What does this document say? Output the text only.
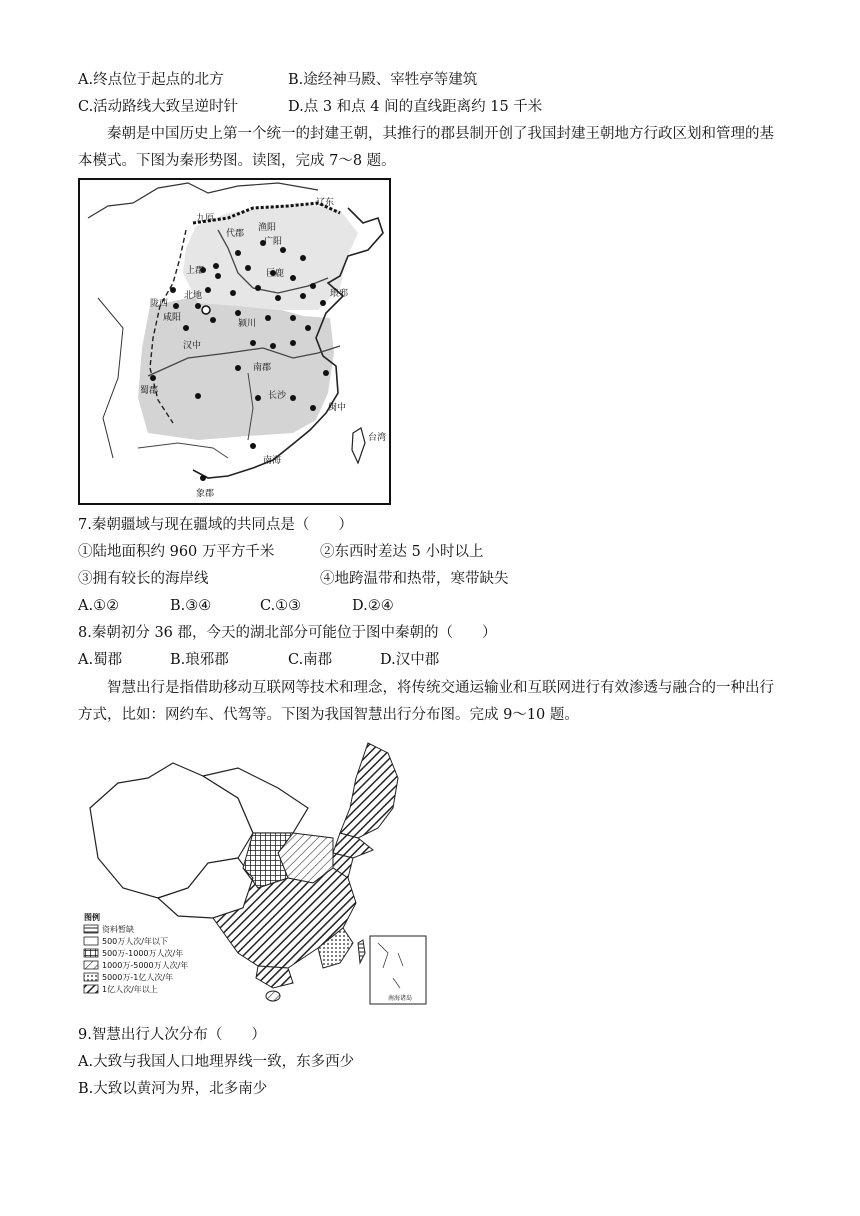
A.终点位于起点的北方	B.途经神马殿、宰牲亭等建筑
C.活动路线大致呈逆时针	D.点 3 和点 4 间的直线距离约 15 千米
秦朝是中国历史上第一个统一的封建王朝，其推行的郡县制开创了我国封建王朝地方行政区划和管理的基本模式。下图为秦形势图。读图，完成 7～8 题。
辽东
九原
代郡
渔阳
广阳
上郡	巨鹿
北地
陇西
咸阳
颍川
琅邪
汉中
蜀郡
南郡
长沙
闽中
台湾
南海
象郡
7.秦朝疆域与现在疆域的共同点是（　　）
①陆地面积约 960 万平方千米	②东西时差达 5 小时以上
③拥有较长的海岸线	④地跨温带和热带，寒带缺失
A.①②	B.③④	C.①③	D.②④
8.秦朝初分 36 郡，今天的湖北部分可能位于图中秦朝的（　　）
A.蜀郡	B.琅邪郡	C.南郡	D.汉中郡
智慧出行是指借助移动互联网等技术和理念，将传统交通运输业和互联网进行有效渗透与融合的一种出行方式，比如：网约车、代驾等。下图为我国智慧出行分布图。完成 9～10 题。
南海诸岛
图例
资料暂缺
500万人次/年以下
500万-1000万人次/年
1000万-5000万人次/年
5000万-1亿人次/年
1亿人次/年以上
9.智慧出行人次分布（　　）
A.大致与我国人口地理界线一致，东多西少
B.大致以黄河为界，北多南少
